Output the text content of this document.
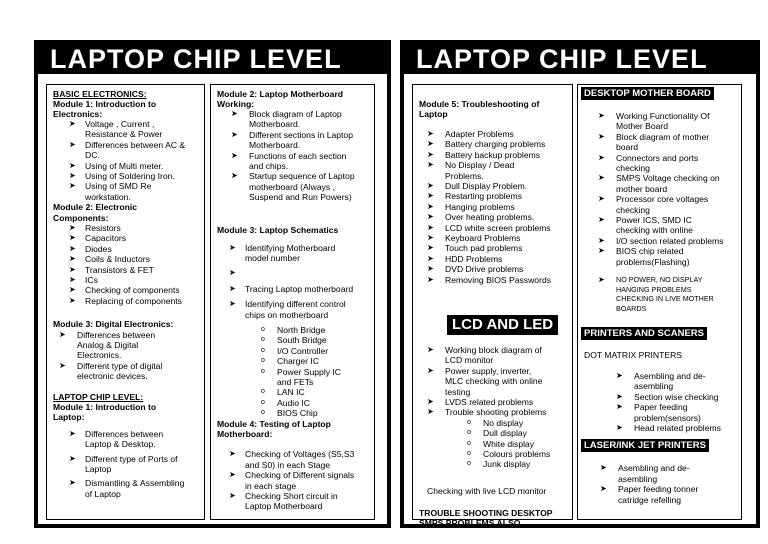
LAPTOP CHIP LEVEL
BASIC ELECTRONICS:
Module 1: Introduction to
Electronics:
➤ Voltage , Current ,
Resistance & Power
➤ Differences between AC &
DC.
➤ Using of Multi meter.
➤ Using of Soldering Iron.
➤ Using of SMD Re
workstation.
Module 2: Electronic
Components:
➤ Resistors
➤ Capacitors
➤ Diodes
➤ Coils & Inductors
➤ Transistors & FET
➤ ICs
➤ Checking of components
➤ Replacing of components
Module 3: Digital Electronics:
➤ Differences between
Analog & Digital
Electronics.
➤ Different type of digital
electronic devices.
LAPTOP CHIP LEVEL:
Module 1: Introduction to
Laptop:
➤ Differences between
Laptop & Desktop.
➤ Different type of Ports of
Laptop
➤ Dismantling & Assembling
of Laptop
Module 2: Laptop Motherboard
Working:
➤ Block diagram of Laptop
Motherboard.
➤ Different sections in Laptop
Motherboard.
➤ Functions of each section
and chips.
➤ Startup sequence of Laptop
motherboard (Always ,
Suspend and Run Powers)
Module 3: Laptop Schematics
➤ Identifying Motherboard
model number
➤
➤ Tracing Laptop motherboard
➤ Identifying different control
chips on motherboard
o North Bridge
o South Bridge
o I/O Controller
o Charger IC
o Power Supply IC
and FETs
o LAN IC
o Audio IC
o BIOS Chip
Module 4: Testing of Laptop
Motherboard:
➤ Checking of Voltages (S5,S3
and S0) in each Stage
➤ Checking of Different signals
in each stage
➤ Checking Short circuit in
Laptop Motherboard
LAPTOP CHIP LEVEL
Module 5: Troubleshooting of
Laptop
➤ Adapter Problems
➤ Battery charging problems
➤ Battery backup problems
➤ No Display / Dead
Problems.
➤ Dull Display Problem.
➤ Restarting problems
➤ Hanging problems
➤ Over heating problems.
➤ LCD white screen problems
➤ Keyboard Problems
➤ Touch pad problems
➤ HDD Problems
➤ DVD Drive problems
➤ Removing BIOS Passwords
LCD AND LED
➤ Working block diagram of
LCD monitor
➤ Power supply, inverter,
MLC checking with online
testing
➤ LVDS related problems
➤ Trouble shooting problems
o No display
o Dull display
o White display
o Colours problems
o Junk display
Checking with live LCD monitor
TROUBLE SHOOTING DESKTOP
SMPS PROBLEMS ALSO
DESKTOP MOTHER BOARD
➤ Working Functionality Of
Mother Board
➤ Block diagram of mother
board
➤ Connectors and ports
checking
➤ SMPS Voltage checking on
mother board
➤ Processor core voltages
checking
➤ Power ICS, SMD IC
checking with online
➤ I/O section related problems
➤ BIOS chip related
problems(Flashing)
➤ NO POWER, NO DISPLAY
HANGING PROBLEMS
CHECKING IN LIVE MOTHER
BOARDS
PRINTERS AND SCANERS
DOT MATRIX PRINTERS
➤ Asembling and de-
asembling
➤ Section wise checking
➤ Paper feeding
problem(sensors)
➤ Head related problems
LASER/INK JET PRINTERS
➤ Asembling and de-
asembling
➤ Paper feeding tonner
catridge refelling
